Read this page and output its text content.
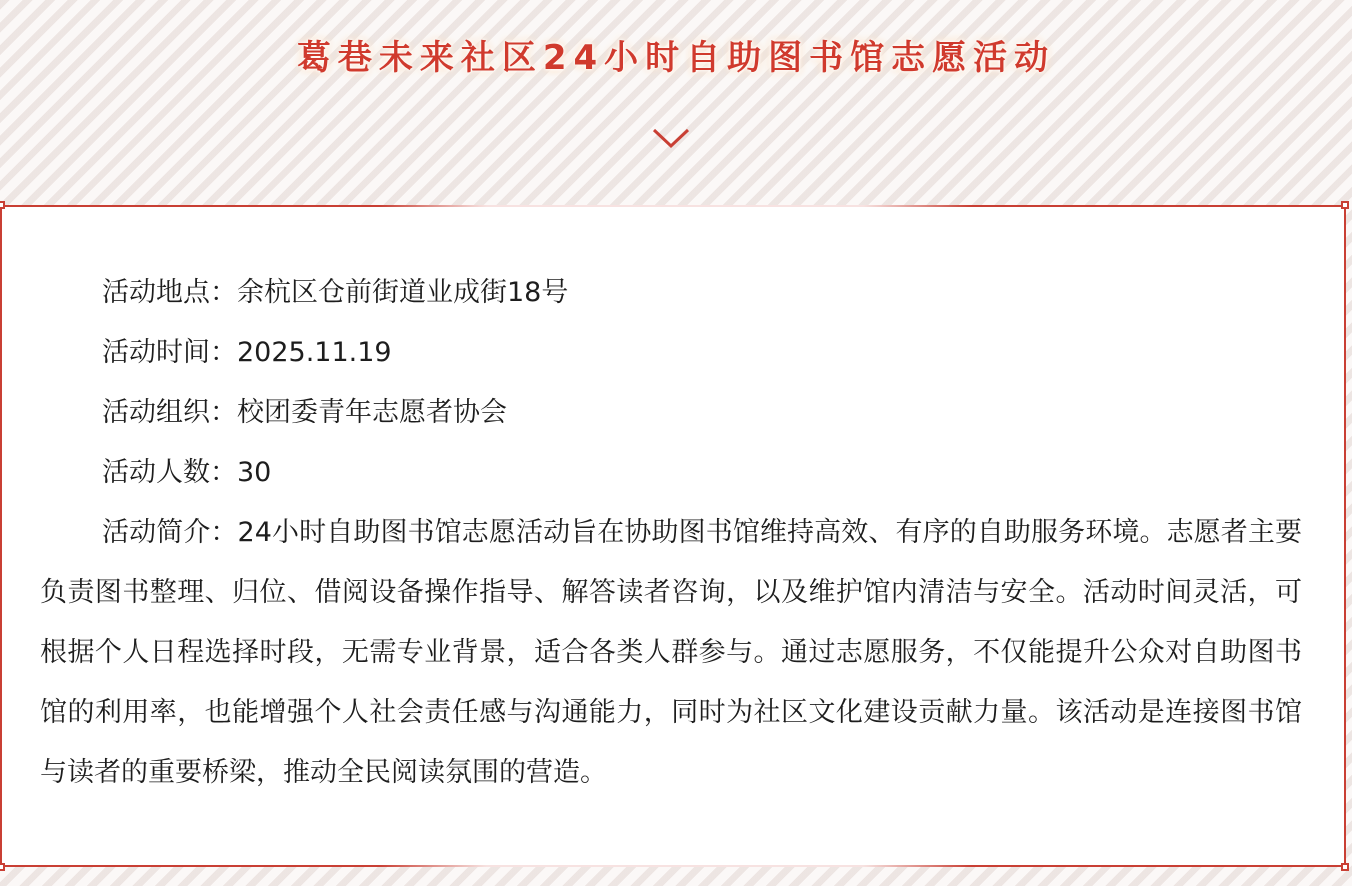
葛巷未来社区24小时自助图书馆志愿活动
活动地点：余杭区仓前街道业成街18号
活动时间：2025.11.19
活动组织：校团委青年志愿者协会
活动人数：30

活动简介：24小时自助图书馆志愿活动旨在协助图书馆维持高效、有序的自助服务环境。志愿者主要负责图书整理、归位、借阅设备操作指导、解答读者咨询，以及维护馆内清洁与安全。活动时间灵活，可根据个人日程选择时段，无需专业背景，适合各类人群参与。通过志愿服务，不仅能提升公众对自助图书馆的利用率，也能增强个人社会责任感与沟通能力，同时为社区文化建设贡献力量。该活动是连接图书馆与读者的重要桥梁，推动全民阅读氛围的营造。
